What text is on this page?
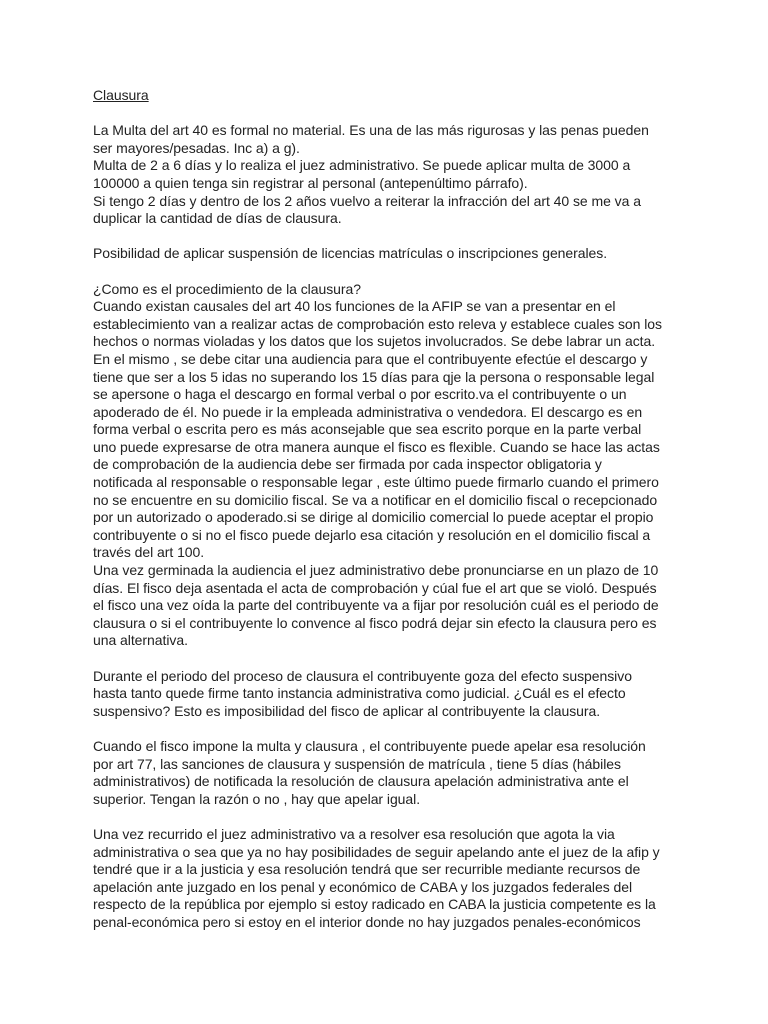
Clausura
La Multa del art 40 es formal no material. Es una de las más rigurosas y las penas pueden
ser mayores/pesadas. Inc a) a g).
Multa de 2 a 6 días y lo realiza el juez administrativo. Se puede aplicar multa de 3000 a
100000 a quien tenga sin registrar al personal (antepenúltimo párrafo).
Si tengo 2 días y dentro de los 2 años vuelvo a reiterar la infracción del art 40 se me va a
duplicar la cantidad de días de clausura.
Posibilidad de aplicar suspensión de licencias matrículas o inscripciones generales.
¿Como es el procedimiento de la clausura?
Cuando existan causales del art 40 los funciones de la AFIP se van a presentar en el
establecimiento van a realizar actas de comprobación esto releva y establece cuales son los
hechos o normas violadas y los datos que los sujetos involucrados. Se debe labrar un acta.
En el mismo , se debe citar una audiencia para que el contribuyente efectúe el descargo y
tiene que ser a los 5 idas no superando los 15 días para qje la persona o responsable legal
se apersone o haga el descargo en formal verbal o por escrito.va el contribuyente o un
apoderado de él. No puede ir la empleada administrativa o vendedora. El descargo es en
forma verbal o escrita pero es más aconsejable que sea escrito porque en la parte verbal
uno puede expresarse de otra manera aunque el fisco es flexible. Cuando se hace las actas
de comprobación de la audiencia debe ser firmada por cada inspector obligatoria y
notificada al responsable o responsable legar , este último puede firmarlo cuando el primero
no se encuentre en su domicilio fiscal. Se va a notificar en el domicilio fiscal o recepcionado
por un autorizado o apoderado.si se dirige al domicilio comercial lo puede aceptar el propio
contribuyente o si no el fisco puede dejarlo esa citación y resolución en el domicilio fiscal a
través del art 100.
Una vez germinada la audiencia el juez administrativo debe pronunciarse en un plazo de 10
días. El fisco deja asentada el acta de comprobación y cúal fue el art que se violó. Después
el fisco una vez oída la parte del contribuyente va a fijar por resolución cuál es el periodo de
clausura o si el contribuyente lo convence al fisco podrá dejar sin efecto la clausura pero es
una alternativa.
Durante el periodo del proceso de clausura el contribuyente goza del efecto suspensivo
hasta tanto quede firme tanto instancia administrativa como judicial. ¿Cuál es el efecto
suspensivo? Esto es imposibilidad del fisco de aplicar al contribuyente la clausura.
Cuando el fisco impone la multa y clausura , el contribuyente puede apelar esa resolución
por art 77, las sanciones de clausura y suspensión de matrícula , tiene 5 días (hábiles
administrativos) de notificada la resolución de clausura apelación administrativa ante el
superior. Tengan la razón o no , hay que apelar igual.
Una vez recurrido el juez administrativo va a resolver esa resolución que agota la via
administrativa o sea que ya no hay posibilidades de seguir apelando ante el juez de la afip y
tendré que ir a la justicia y esa resolución tendrá que ser recurrible mediante recursos de
apelación ante juzgado en los penal y económico de CABA y los juzgados federales del
respecto de la república por ejemplo si estoy radicado en CABA la justicia competente es la
penal-económica pero si estoy en el interior donde no hay juzgados penales-económicos
